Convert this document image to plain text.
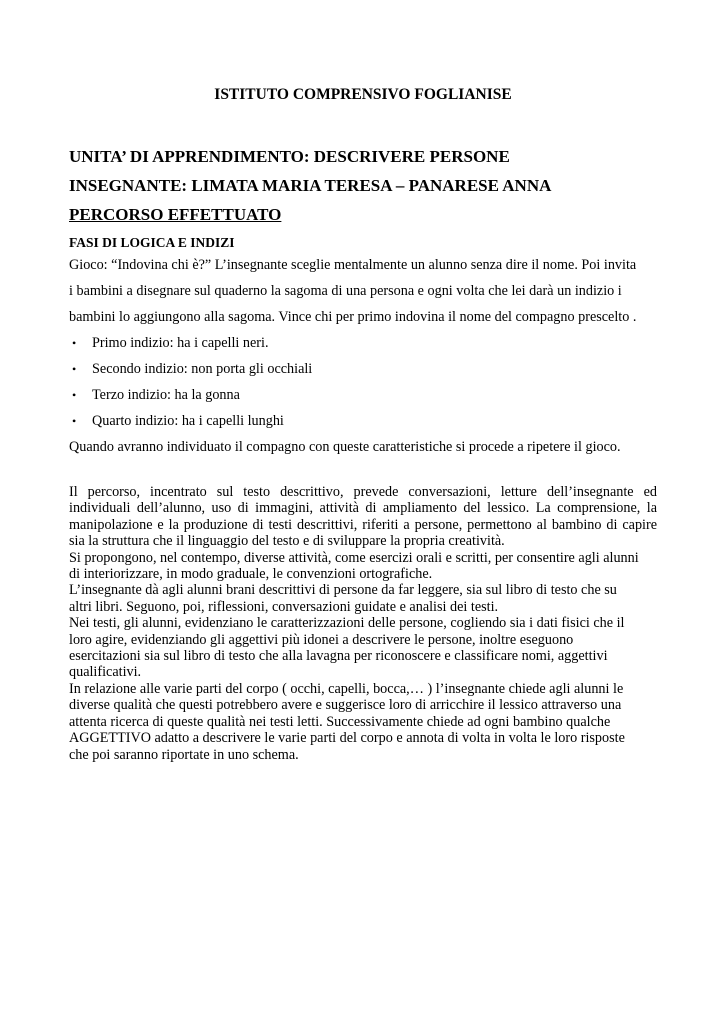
ISTITUTO COMPRENSIVO FOGLIANISE
UNITA’ DI APPRENDIMENTO: DESCRIVERE PERSONE
INSEGNANTE: LIMATA MARIA TERESA – PANARESE ANNA
PERCORSO EFFETTUATO
FASI DI LOGICA E INDIZI

Gioco: “Indovina chi è?” L’insegnante sceglie mentalmente un alunno senza dire il nome. Poi invita
i bambini a disegnare sul quaderno la sagoma di una persona e ogni volta che lei darà un indizio i
bambini lo aggiungono alla sagoma. Vince chi per primo indovina il nome del compagno prescelto .

• Primo indizio: ha i capelli neri.
• Secondo indizio: non porta gli occhiali
• Terzo indizio: ha la gonna
• Quarto indizio: ha i capelli lunghi

Quando avranno individuato il compagno con queste caratteristiche si procede a ripetere il gioco.

Il percorso, incentrato sul testo descrittivo, prevede conversazioni, letture dell’insegnante ed
individuali dell’alunno, uso di immagini, attività di ampliamento del lessico. La comprensione, la
manipolazione e la produzione di testi descrittivi, riferiti a persone, permettono al bambino di capire
sia la struttura che il linguaggio del testo e di sviluppare la propria creatività.

Si propongono, nel contempo, diverse attività, come esercizi orali e scritti, per consentire agli alunni
di interiorizzare, in modo graduale, le convenzioni ortografiche.

L’insegnante dà agli alunni brani descrittivi di persone da far leggere, sia sul libro di testo che su
altri libri. Seguono, poi, riflessioni, conversazioni guidate e analisi dei testi.

Nei testi, gli alunni, evidenziano le caratterizzazioni delle persone, cogliendo sia i dati fisici che il
loro agire, evidenziando gli aggettivi più idonei a descrivere le persone, inoltre eseguono
esercitazioni sia sul libro di testo che alla lavagna per riconoscere e classificare nomi, aggettivi
qualificativi.

In relazione alle varie parti del corpo ( occhi, capelli, bocca,… ) l’insegnante chiede agli alunni le
diverse qualità che questi potrebbero avere e suggerisce loro di arricchire il lessico attraverso una
attenta ricerca di queste qualità nei testi letti. Successivamente chiede ad ogni bambino qualche
AGGETTIVO adatto a descrivere le varie parti del corpo e annota di volta in volta le loro risposte
che poi saranno riportate in uno schema.
